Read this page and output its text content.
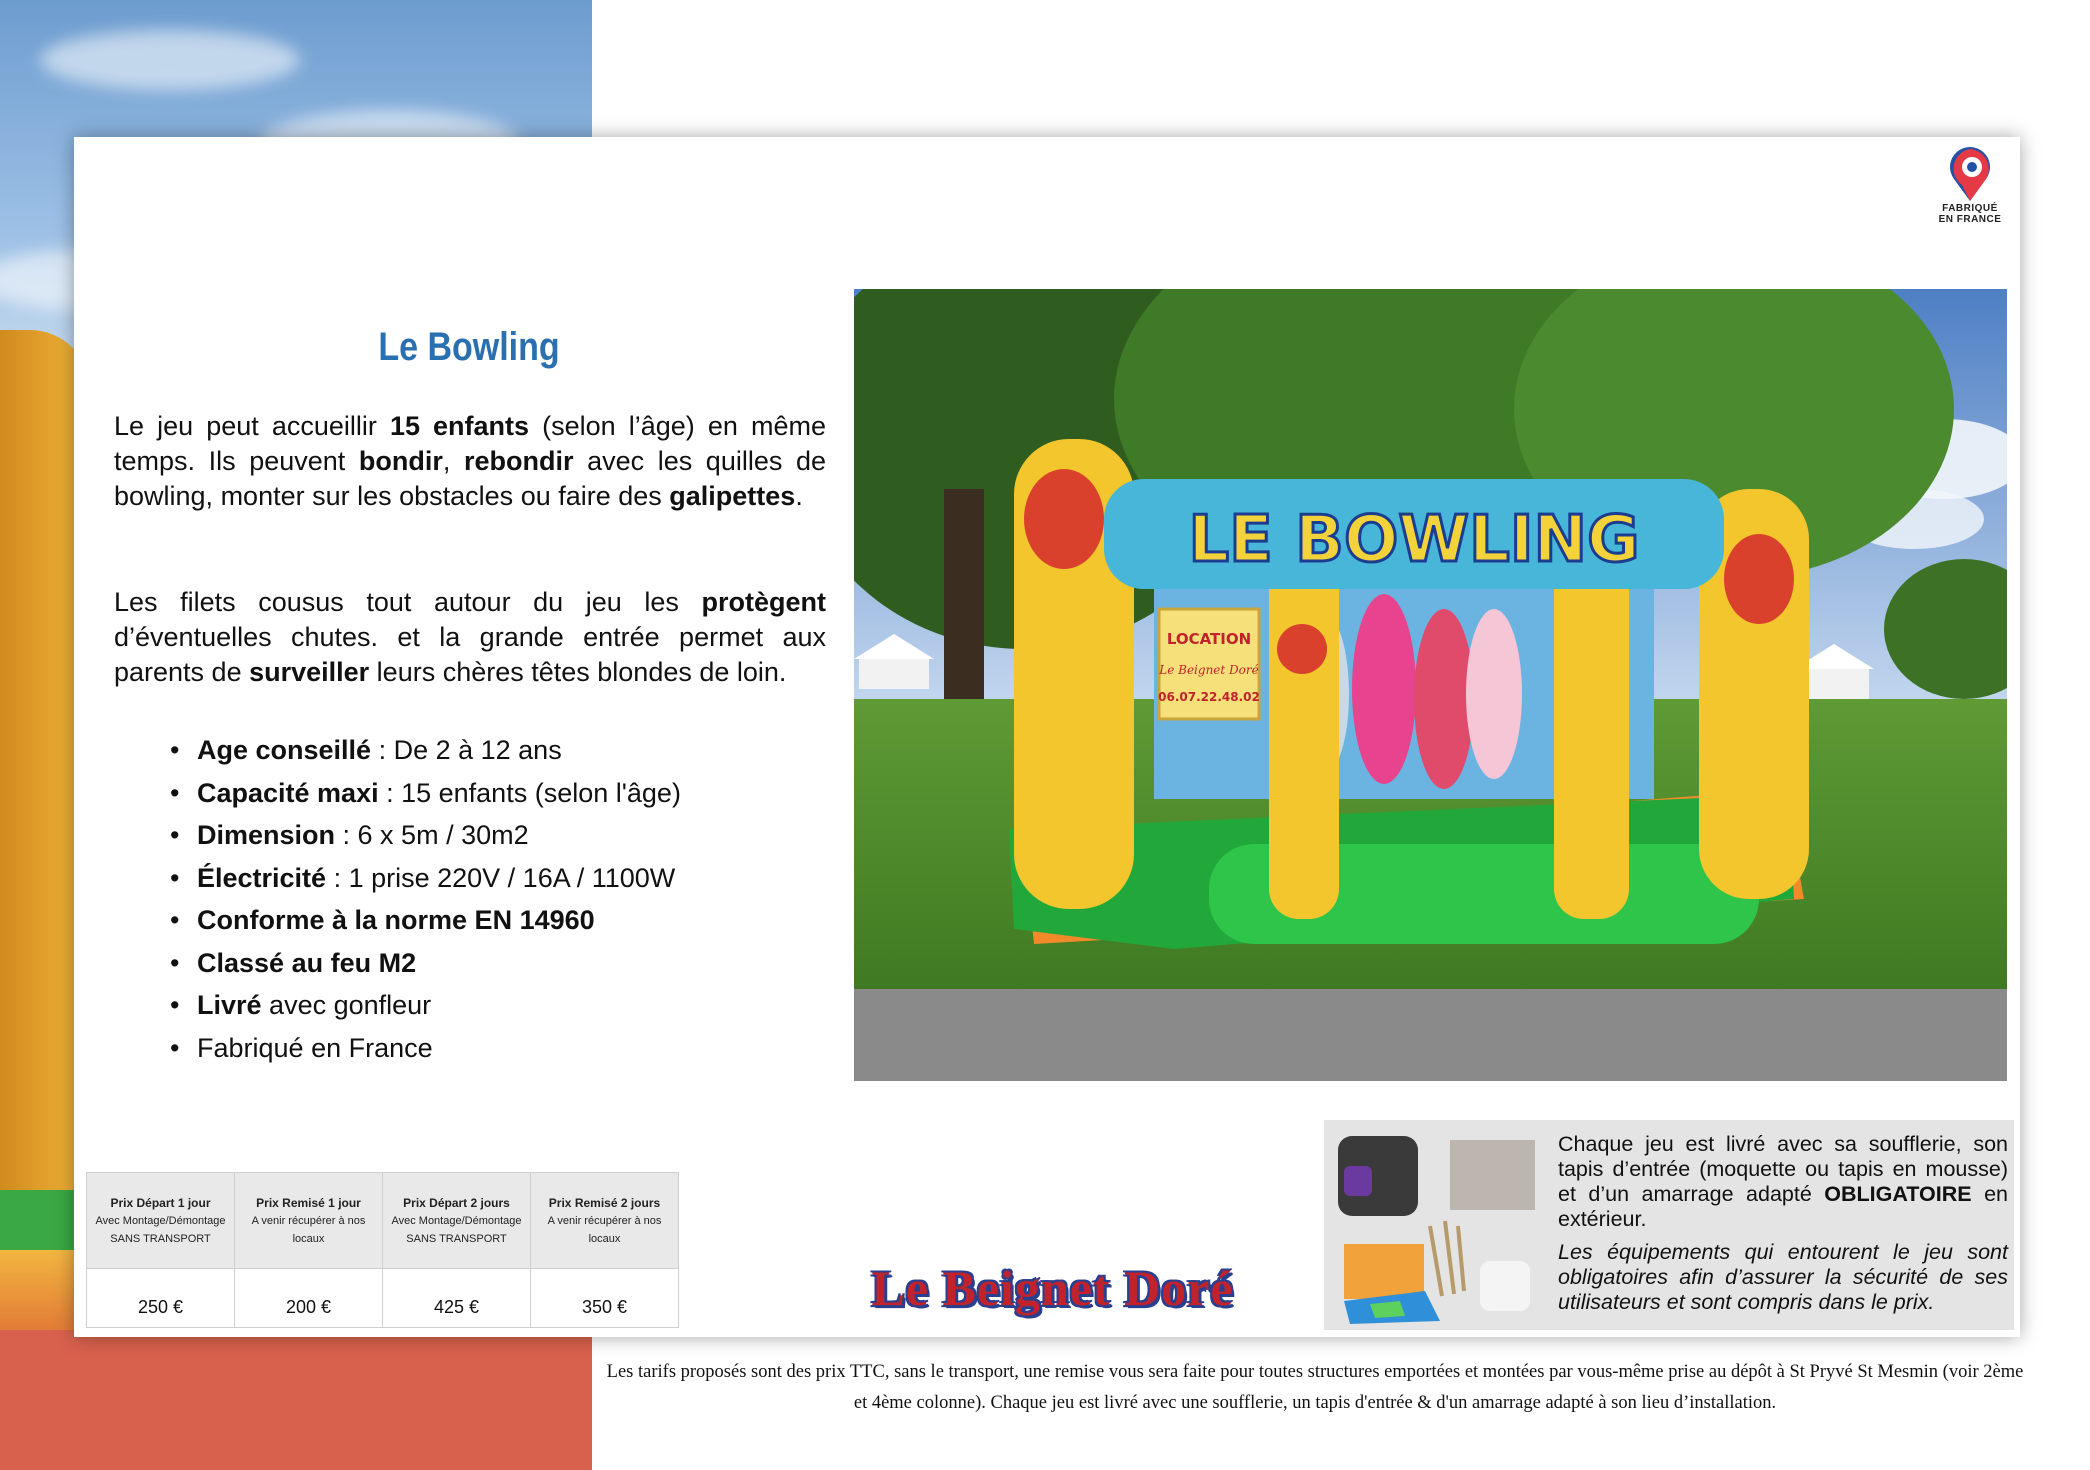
FABRIQUÉ
EN FRANCE
Le Bowling
Le jeu peut accueillir 15 enfants (selon l’âge) en même temps. Ils peuvent bondir, rebondir avec les quilles de bowling, monter sur les obstacles ou faire des galipettes.
Les filets cousus tout autour du jeu les protègent d’éventuelles chutes. et la grande entrée permet aux parents de surveiller leurs chères têtes blondes de loin.
• Age conseillé : De 2 à 12 ans
• Capacité maxi : 15 enfants (selon l'âge)
• Dimension : 6 x 5m / 30m2
• Électricité : 1 prise 220V / 16A / 1100W
• Conforme à la norme EN 14960
• Classé au feu M2
• Livré avec gonfleur
• Fabriqué en France
LE BOWLING
LOCATION
Le Beignet Doré
06.07.22.48.02
Prix Départ 1 jour
Avec Montage/Démontage
SANS TRANSPORT	Prix Remisé 1 jour
A venir récupérer à nos locaux	Prix Départ 2 jours
Avec Montage/Démontage
SANS TRANSPORT	Prix Remisé 2 jours
A venir récupérer à nos locaux

250 €	200 €	425 €	350 €	Le Beignet Doré
Chaque jeu est livré avec sa soufflerie, son tapis d’entrée (moquette ou tapis en mousse) et d’un amarrage adapté OBLIGATOIRE en extérieur.
Les équipements qui entourent le jeu sont obligatoires afin d’assurer la sécurité de ses utilisateurs et sont compris dans le prix.
Les tarifs proposés sont des prix TTC, sans le transport, une remise vous sera faite pour toutes structures emportées et montées par vous-même prise au dépôt à St Pryvé St Mesmin (voir 2ème et 4ème colonne). Chaque jeu est livré avec une soufflerie, un tapis d'entrée & d'un amarrage adapté à son lieu d’installation.
